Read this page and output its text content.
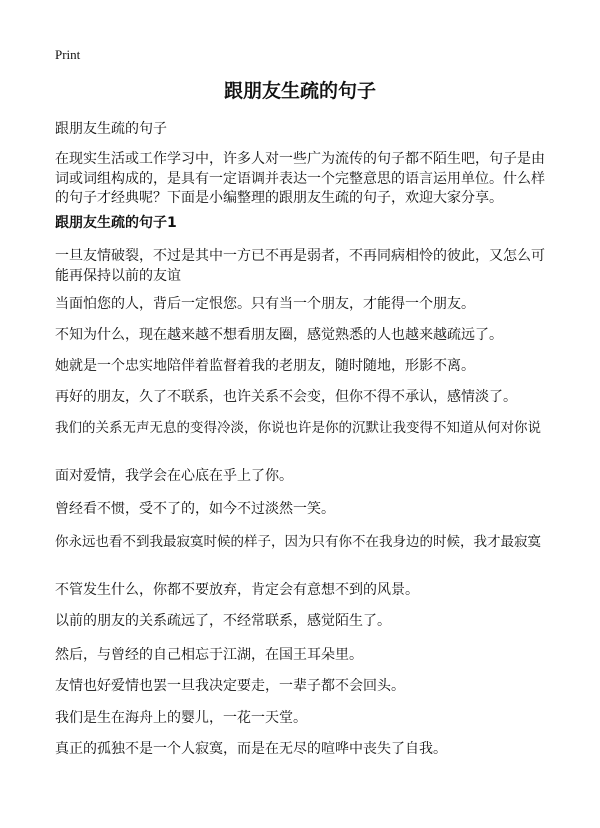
Print
跟朋友生疏的句子

跟朋友生疏的句子

在现实生活或工作学习中，许多人对一些广为流传的句子都不陌生吧，句子是由词或词组构成的，是具有一定语调并表达一个完整意思的语言运用单位。什么样的句子才经典呢？下面是小编整理的跟朋友生疏的句子，欢迎大家分享。

跟朋友生疏的句子1

一旦友情破裂，不过是其中一方已不再是弱者，不再同病相怜的彼此，又怎么可能再保持以前的友谊

当面怕您的人，背后一定恨您。只有当一个朋友，才能得一个朋友。

不知为什么，现在越来越不想看朋友圈，感觉熟悉的人也越来越疏远了。

她就是一个忠实地陪伴着监督着我的老朋友，随时随地，形影不离。

再好的朋友，久了不联系，也许关系不会变，但你不得不承认，感情淡了。

我们的关系无声无息的变得冷淡，你说也许是你的沉默让我变得不知道从何对你说

面对爱情，我学会在心底在乎上了你。

曾经看不惯，受不了的，如今不过淡然一笑。

你永远也看不到我最寂寞时候的样子，因为只有你不在我身边的时候，我才最寂寞

不管发生什么，你都不要放弃，肯定会有意想不到的风景。

以前的朋友的关系疏远了，不经常联系，感觉陌生了。

然后，与曾经的自己相忘于江湖，在国王耳朵里。

友情也好爱情也罢一旦我决定要走，一辈子都不会回头。

我们是生在海舟上的婴儿，一花一天堂。

真正的孤独不是一个人寂寞，而是在无尽的喧哗中丧失了自我。
